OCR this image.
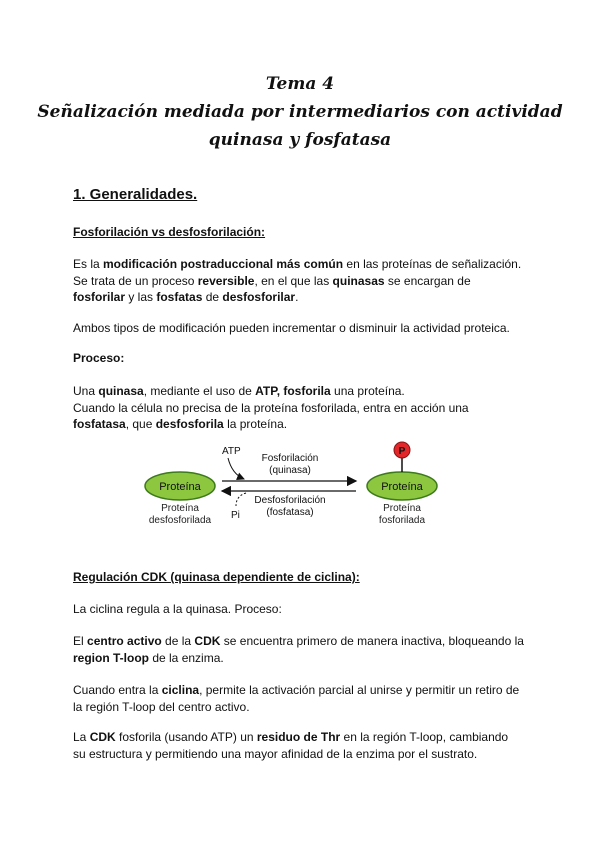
Tema 4
Señalización mediada por intermediarios con actividad
quinasa y fosfatasa
1. Generalidades.
Fosforilación vs desfosforilación:
Es la modificación postraduccional más común en las proteínas de señalización.
Se trata de un proceso reversible, en el que las quinasas se encargan de
fosforilar y las fosfatas de desfosforilar.
Ambos tipos de modificación pueden incrementar o disminuir la actividad proteica.
Proceso:
Una quinasa, mediante el uso de ATP, fosforila una proteína.
Cuando la célula no precisa de la proteína fosforilada, entra en acción una
fosfatasa, que desfosforila la proteína.
Proteína
Proteína
desfosforilada
Proteína
P
Proteína
fosforilada
ATP
Fosforilación
(quinasa)
Pi
Desfosforilación
(fosfatasa)
Regulación CDK (quinasa dependiente de ciclina):
La ciclina regula a la quinasa. Proceso:
El centro activo de la CDK se encuentra primero de manera inactiva, bloqueando la
region T-loop de la enzima.
Cuando entra la ciclina, permite la activación parcial al unirse y permitir un retiro de
la región T-loop del centro activo.
La CDK fosforila (usando ATP) un residuo de Thr en la región T-loop, cambiando
su estructura y permitiendo una mayor afinidad de la enzima por el sustrato.
